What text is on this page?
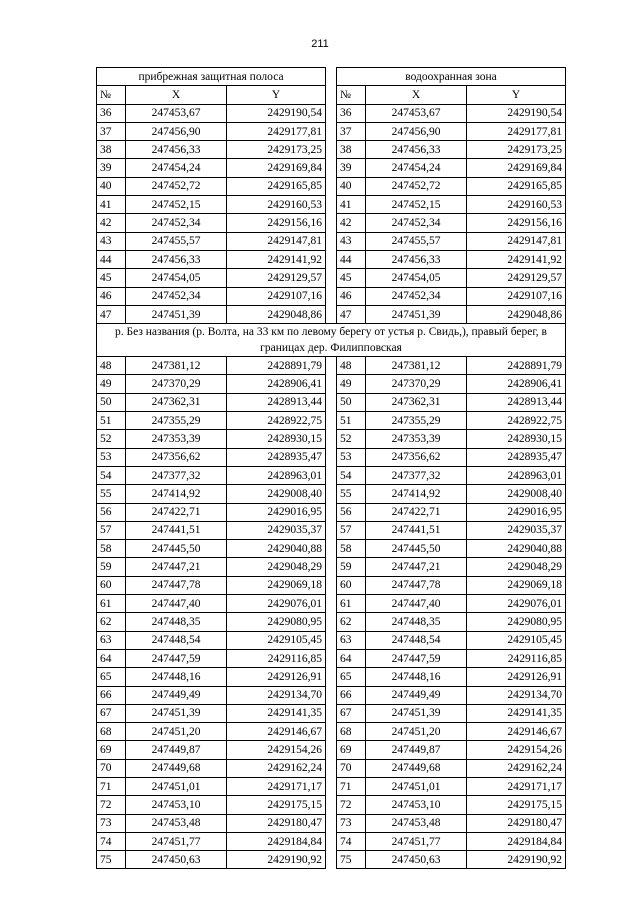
211
прибрежная защитная полоса				водоохранная зона		
№	X	Y		№	X	Y
36	247453,67	2429190,54		36	247453,67	2429190,54
37	247456,90	2429177,81		37	247456,90	2429177,81
38	247456,33	2429173,25		38	247456,33	2429173,25
39	247454,24	2429169,84		39	247454,24	2429169,84
40	247452,72	2429165,85		40	247452,72	2429165,85
41	247452,15	2429160,53		41	247452,15	2429160,53
42	247452,34	2429156,16		42	247452,34	2429156,16
43	247455,57	2429147,81		43	247455,57	2429147,81
44	247456,33	2429141,92		44	247456,33	2429141,92
45	247454,05	2429129,57		45	247454,05	2429129,57
46	247452,34	2429107,16		46	247452,34	2429107,16
47	247451,39	2429048,86		47	247451,39	2429048,86
р. Без названия (р. Волта, на 33 км по левому берегу от устья р. Свидь,), правый берег, в границах дер. Филипповская						
48	247381,12	2428891,79		48	247381,12	2428891,79
49	247370,29	2428906,41		49	247370,29	2428906,41
50	247362,31	2428913,44		50	247362,31	2428913,44
51	247355,29	2428922,75		51	247355,29	2428922,75
52	247353,39	2428930,15		52	247353,39	2428930,15
53	247356,62	2428935,47		53	247356,62	2428935,47
54	247377,32	2428963,01		54	247377,32	2428963,01
55	247414,92	2429008,40		55	247414,92	2429008,40
56	247422,71	2429016,95		56	247422,71	2429016,95
57	247441,51	2429035,37		57	247441,51	2429035,37
58	247445,50	2429040,88		58	247445,50	2429040,88
59	247447,21	2429048,29		59	247447,21	2429048,29
60	247447,78	2429069,18		60	247447,78	2429069,18
61	247447,40	2429076,01		61	247447,40	2429076,01
62	247448,35	2429080,95		62	247448,35	2429080,95
63	247448,54	2429105,45		63	247448,54	2429105,45
64	247447,59	2429116,85		64	247447,59	2429116,85
65	247448,16	2429126,91		65	247448,16	2429126,91
66	247449,49	2429134,70		66	247449,49	2429134,70
67	247451,39	2429141,35		67	247451,39	2429141,35
68	247451,20	2429146,67		68	247451,20	2429146,67
69	247449,87	2429154,26		69	247449,87	2429154,26
70	247449,68	2429162,24		70	247449,68	2429162,24
71	247451,01	2429171,17		71	247451,01	2429171,17
72	247453,10	2429175,15		72	247453,10	2429175,15
73	247453,48	2429180,47		73	247453,48	2429180,47
74	247451,77	2429184,84		74	247451,77	2429184,84
75	247450,63	2429190,92		75	247450,63	2429190,92
